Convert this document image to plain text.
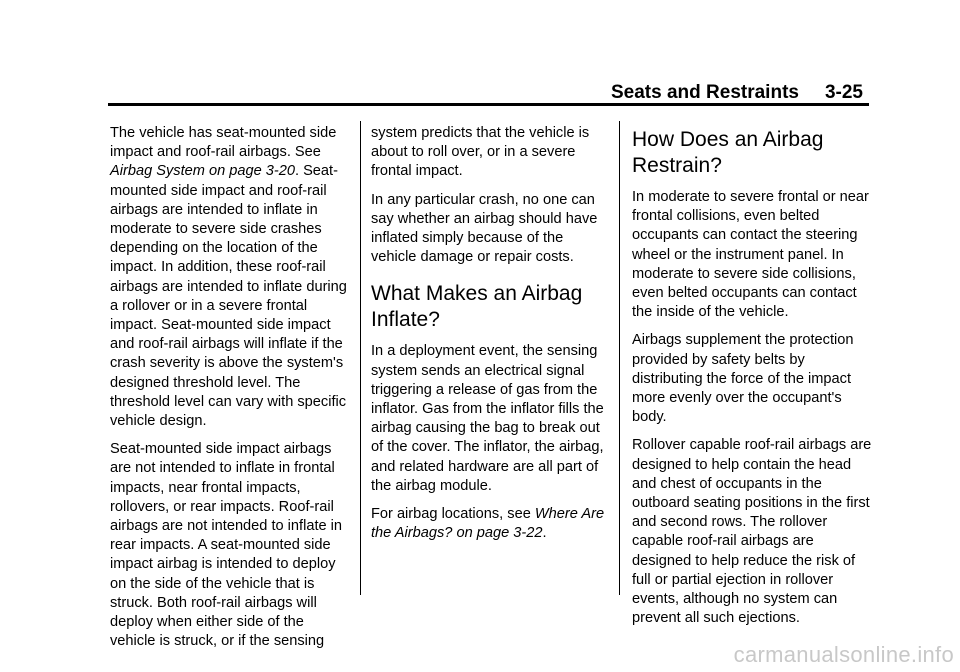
Seats and Restraints 3-25

The vehicle has seat-mounted side impact and roof-rail airbags. See Airbag System on page 3-20. Seat-mounted side impact and roof-rail airbags are intended to inflate in moderate to severe side crashes depending on the location of the impact. In addition, these roof-rail airbags are intended to inflate during a rollover or in a severe frontal impact. Seat-mounted side impact and roof-rail airbags will inflate if the crash severity is above the system's designed threshold level. The threshold level can vary with specific vehicle design.

Seat-mounted side impact airbags are not intended to inflate in frontal impacts, near frontal impacts, rollovers, or rear impacts. Roof-rail airbags are not intended to inflate in rear impacts. A seat-mounted side impact airbag is intended to deploy on the side of the vehicle that is struck. Both roof-rail airbags will deploy when either side of the vehicle is struck, or if the sensing

system predicts that the vehicle is about to roll over, or in a severe frontal impact.

In any particular crash, no one can say whether an airbag should have inflated simply because of the vehicle damage or repair costs.

What Makes an Airbag Inflate?

In a deployment event, the sensing system sends an electrical signal triggering a release of gas from the inflator. Gas from the inflator fills the airbag causing the bag to break out of the cover. The inflator, the airbag, and related hardware are all part of the airbag module.

For airbag locations, see Where Are the Airbags? on page 3-22.

How Does an Airbag Restrain?

In moderate to severe frontal or near frontal collisions, even belted occupants can contact the steering wheel or the instrument panel. In moderate to severe side collisions, even belted occupants can contact the inside of the vehicle.

Airbags supplement the protection provided by safety belts by distributing the force of the impact more evenly over the occupant's body.

Rollover capable roof-rail airbags are designed to help contain the head and chest of occupants in the outboard seating positions in the first and second rows. The rollover capable roof-rail airbags are designed to help reduce the risk of full or partial ejection in rollover events, although no system can prevent all such ejections.

carmanualsonline.info
